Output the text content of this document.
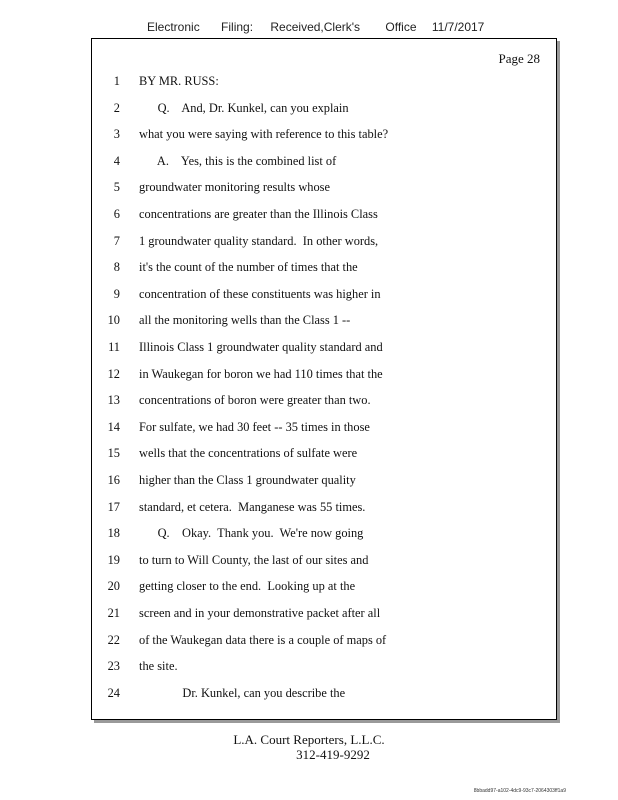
Electronic Filing: Received,Clerk's Office 11/7/2017
Page 28
1 BY MR. RUSS:
2 Q.    And, Dr. Kunkel, can you explain
3 what you were saying with reference to this table?
4 A.    Yes, this is the combined list of
5 groundwater monitoring results whose
6 concentrations are greater than the Illinois Class
7 1 groundwater quality standard.  In other words,
8 it's the count of the number of times that the
9 concentration of these constituents was higher in
10 all the monitoring wells than the Class 1 --
11 Illinois Class 1 groundwater quality standard and
12 in Waukegan for boron we had 110 times that the
13 concentrations of boron were greater than two.
14 For sulfate, we had 30 feet -- 35 times in those
15 wells that the concentrations of sulfate were
16 higher than the Class 1 groundwater quality
17 standard, et cetera.  Manganese was 55 times.
18 Q.    Okay.  Thank you.  We're now going
19 to turn to Will County, the last of our sites and
20 getting closer to the end.  Looking up at the
21 screen and in your demonstrative packet after all
22 of the Waukegan data there is a couple of maps of
23 the site.
24 Dr. Kunkel, can you describe the
L.A. Court Reporters, L.L.C.
312-419-9292
8bbadd97-a102-4dc9-93c7-2064303ff1a9
